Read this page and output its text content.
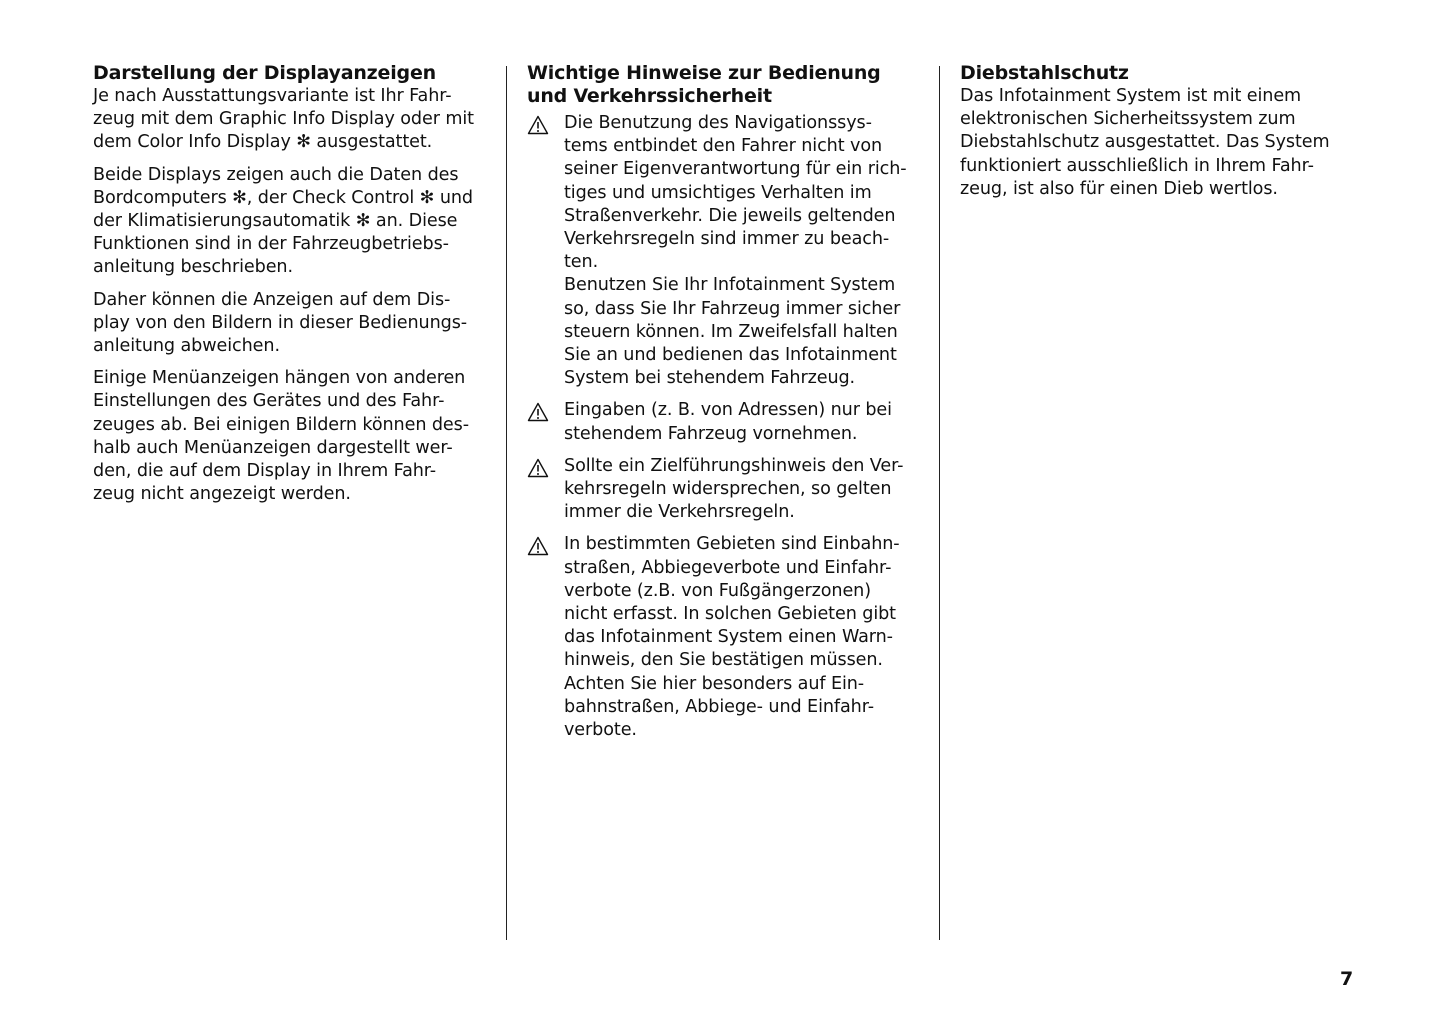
Darstellung der Displayanzeigen
Je nach Ausstattungsvariante ist Ihr Fahr-
zeug mit dem Graphic Info Display oder mit
dem Color Info Display ✻ ausgestattet.
Beide Displays zeigen auch die Daten des
Bordcomputers ✻, der Check Control ✻ und
der Klimatisierungsautomatik ✻ an. Diese
Funktionen sind in der Fahrzeugbetriebs-
anleitung beschrieben.
Daher können die Anzeigen auf dem Dis-
play von den Bildern in dieser Bedienungs-
anleitung abweichen.
Einige Menüanzeigen hängen von anderen
Einstellungen des Gerätes und des Fahr-
zeuges ab. Bei einigen Bildern können des-
halb auch Menüanzeigen dargestellt wer-
den, die auf dem Display in Ihrem Fahr-
zeug nicht angezeigt werden.
Wichtige Hinweise zur Bedienung
und Verkehrssicherheit
Die Benutzung des Navigationssys-
tems entbindet den Fahrer nicht von
seiner Eigenverantwortung für ein rich-
tiges und umsichtiges Verhalten im
Straßenverkehr. Die jeweils geltenden
Verkehrsregeln sind immer zu beach-
ten.
Benutzen Sie Ihr Infotainment System
so, dass Sie Ihr Fahrzeug immer sicher
steuern können. Im Zweifelsfall halten
Sie an und bedienen das Infotainment
System bei stehendem Fahrzeug.
Eingaben (z. B. von Adressen) nur bei
stehendem Fahrzeug vornehmen.
Sollte ein Zielführungshinweis den Ver-
kehrsregeln widersprechen, so gelten
immer die Verkehrsregeln.
In bestimmten Gebieten sind Einbahn-
straßen, Abbiegeverbote und Einfahr-
verbote (z.B. von Fußgängerzonen)
nicht erfasst. In solchen Gebieten gibt
das Infotainment System einen Warn-
hinweis, den Sie bestätigen müssen.
Achten Sie hier besonders auf Ein-
bahnstraßen, Abbiege- und Einfahr-
verbote.
Diebstahlschutz
Das Infotainment System ist mit einem
elektronischen Sicherheitssystem zum
Diebstahlschutz ausgestattet. Das System
funktioniert ausschließlich in Ihrem Fahr-
zeug, ist also für einen Dieb wertlos.
7
